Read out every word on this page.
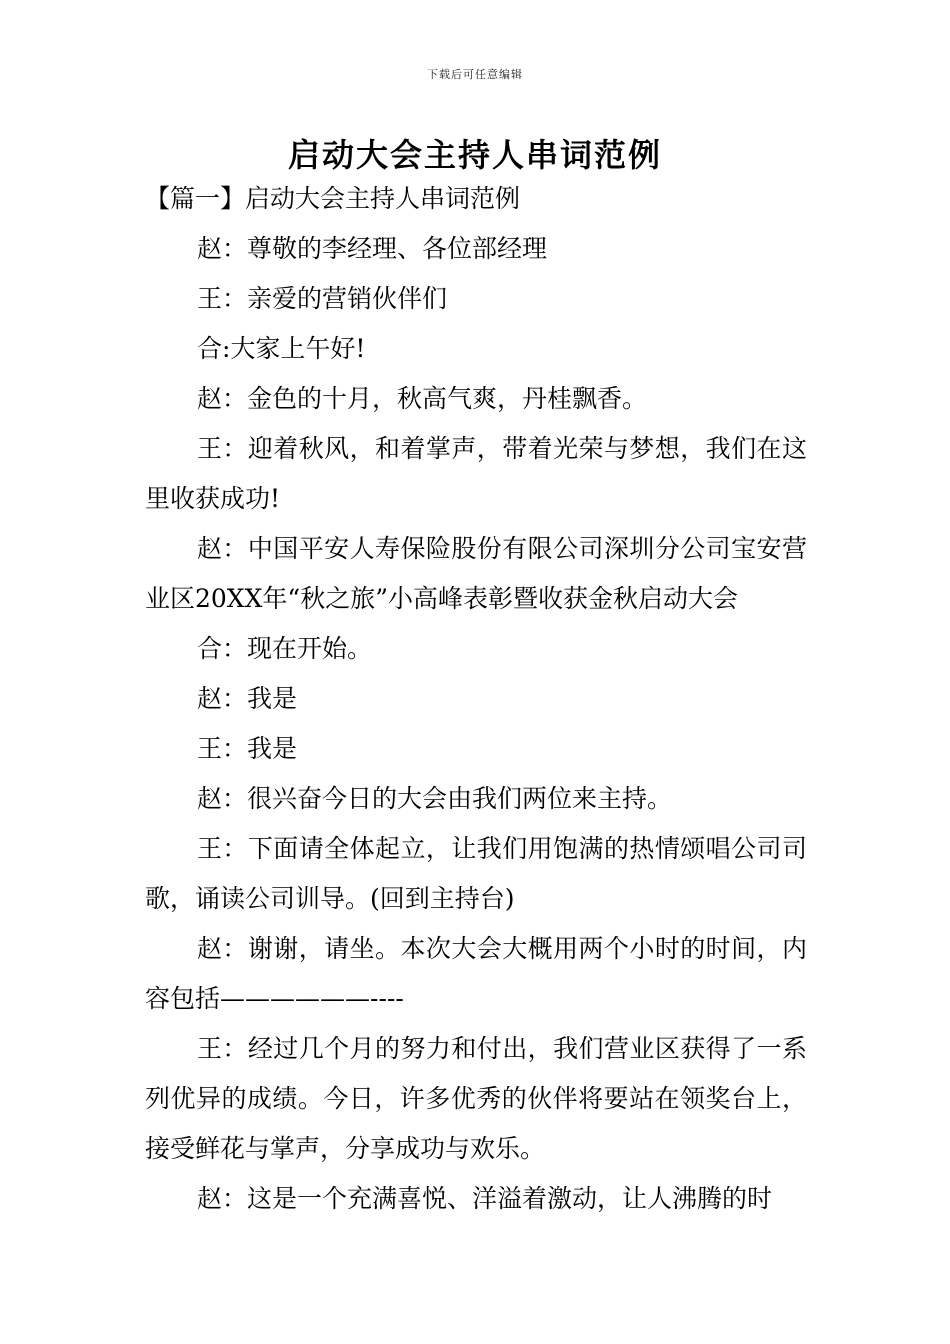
下载后可任意编辑
启动大会主持人串词范例

【篇一】启动大会主持人串词范例

赵：尊敬的李经理、各位部经理

王：亲爱的营销伙伴们

合:大家上午好!

赵：金色的十月，秋高气爽，丹桂飘香。

王：迎着秋风，和着掌声，带着光荣与梦想，我们在这里收获成功!

赵：中国平安人寿保险股份有限公司深圳分公司宝安营业区20XX年“秋之旅”小高峰表彰暨收获金秋启动大会

合：现在开始。

赵：我是

王：我是

赵：很兴奋今日的大会由我们两位来主持。

王：下面请全体起立，让我们用饱满的热情颂唱公司司歌，诵读公司训导。(回到主持台)

赵：谢谢，请坐。本次大会大概用两个小时的时间，内容包括——————----

王：经过几个月的努力和付出，我们营业区获得了一系列优异的成绩。今日，许多优秀的伙伴将要站在领奖台上，接受鲜花与掌声，分享成功与欢乐。

赵：这是一个充满喜悦、洋溢着激动，让人沸腾的时
